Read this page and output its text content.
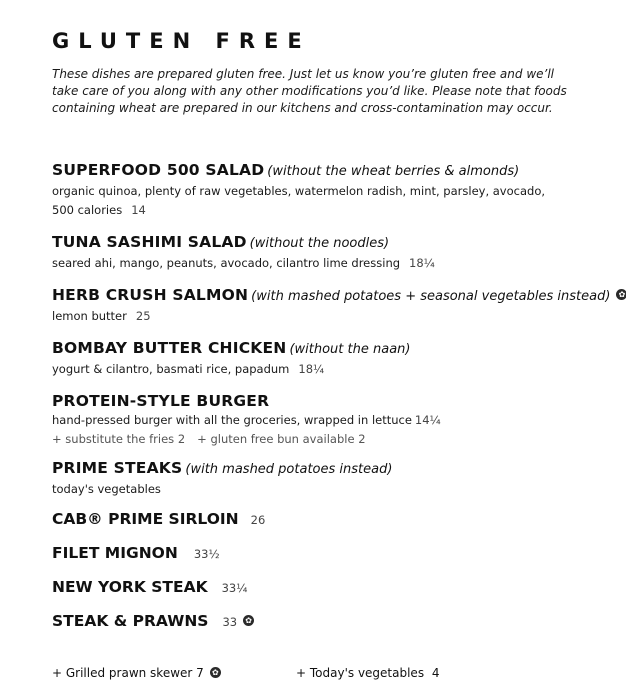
GLUTEN FREE
These dishes are prepared gluten free. Just let us know you’re gluten free and we’ll take care of you along with any other modifications you’d like. Please note that foods containing wheat are prepared in our kitchens and cross-contamination may occur.
SUPERFOOD 500 SALAD (without the wheat berries & almonds)
organic quinoa, plenty of raw vegetables, watermelon radish, mint, parsley, avocado,
500 calories 14
TUNA SASHIMI SALAD (without the noodles)
seared ahi, mango, peanuts, avocado, cilantro lime dressing 18¼
HERB CRUSH SALMON (with mashed potatoes + seasonal vegetables instead) ✿
lemon butter 25
BOMBAY BUTTER CHICKEN (without the naan)
yogurt & cilantro, basmati rice, papadum 18¼
PROTEIN-STYLE BURGER
hand-pressed burger with all the groceries, wrapped in lettuce 14¼
+ substitute the fries 2 + gluten free bun available 2
PRIME STEAKS (with mashed potatoes instead)
today's vegetables
CAB® PRIME SIRLOIN 26
FILET MIGNON 33½
NEW YORK STEAK 33¼
STEAK & PRAWNS 33 ✿
+ Grilled prawn skewer 7 ✿	+ Today's vegetables 4
